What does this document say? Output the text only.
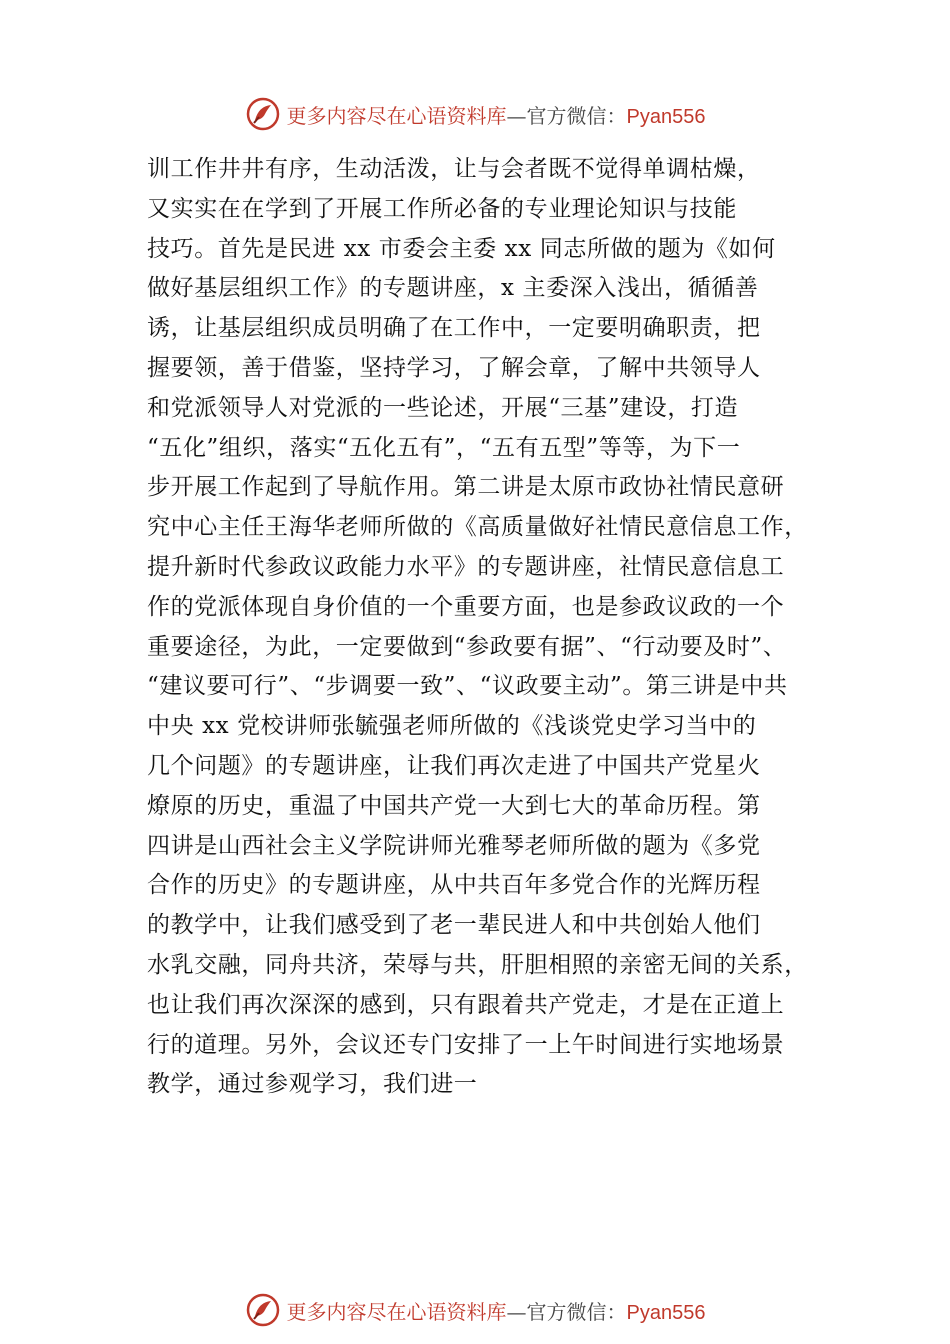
更多内容尽在心语资料库—官方微信：Pyan556
训工作井井有序，生动活泼，让与会者既不觉得单调枯燥，
又实实在在学到了开展工作所必备的专业理论知识与技能
技巧。首先是民进 xx 市委会主委 xx 同志所做的题为《如何
做好基层组织工作》的专题讲座，x 主委深入浅出，循循善
诱，让基层组织成员明确了在工作中，一定要明确职责，把
握要领，善于借鉴，坚持学习，了解会章，了解中共领导人
和党派领导人对党派的一些论述，开展“三基”建设，打造
“五化”组织，落实“五化五有”，“五有五型”等等，为下一
步开展工作起到了导航作用。第二讲是太原市政协社情民意研
究中心主任王海华老师所做的《高质量做好社情民意信息工作，
提升新时代参政议政能力水平》的专题讲座，社情民意信息工
作的党派体现自身价值的一个重要方面，也是参政议政的一个
重要途径，为此，一定要做到“参政要有据”、“行动要及时”、
“建议要可行”、“步调要一致”、“议政要主动”。第三讲是中共
中央 xx 党校讲师张毓强老师所做的《浅谈党史学习当中的
几个问题》的专题讲座，让我们再次走进了中国共产党星火
燎原的历史，重温了中国共产党一大到七大的革命历程。第
四讲是山西社会主义学院讲师光雅琴老师所做的题为《多党
合作的历史》的专题讲座，从中共百年多党合作的光辉历程
的教学中，让我们感受到了老一辈民进人和中共创始人他们
水乳交融，同舟共济，荣辱与共，肝胆相照的亲密无间的关系，
也让我们再次深深的感到，只有跟着共产党走，才是在正道上
行的道理。另外，会议还专门安排了一上午时间进行实地场景
教学，通过参观学习，我们进一
更多内容尽在心语资料库—官方微信：Pyan556
